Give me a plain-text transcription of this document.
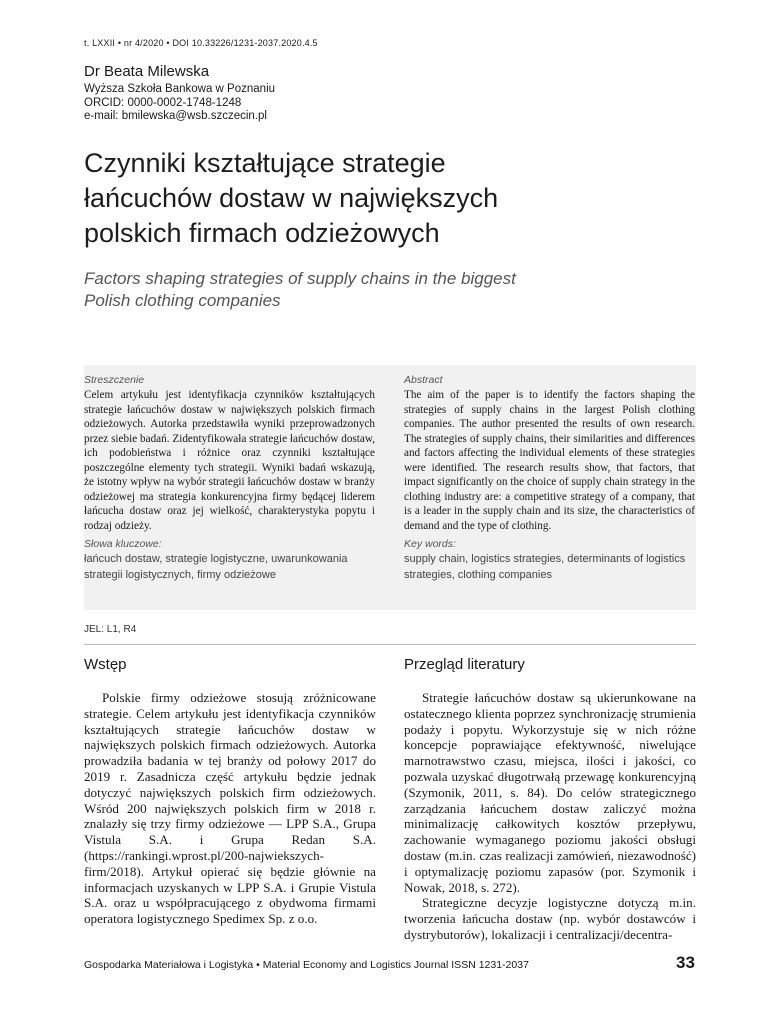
t. LXXII • nr 4/2020 • DOI 10.33226/1231-2037.2020.4.5
Dr Beata Milewska
Wyższa Szkoła Bankowa w Poznaniu
ORCID: 0000-0002-1748-1248
e-mail: bmilewska@wsb.szczecin.pl
Czynniki kształtujące strategie
łańcuchów dostaw w największych
polskich firmach odzieżowych
Factors shaping strategies of supply chains in the biggest
Polish clothing companies
Streszczenie
Celem artykułu jest identyfikacja czynników kształtujących strategie łańcuchów dostaw w największych polskich firmach odzieżowych. Autorka przedstawiła wyniki przeprowadzonych przez siebie badań. Zidentyfikowała strategie łańcuchów dostaw, ich podobieństwa i różnice oraz czynniki kształtujące poszczególne elementy tych strategii. Wyniki badań wskazują, że istotny wpływ na wybór strategii łańcuchów dostaw w branży odzieżowej ma strategia konkurencyjna firmy będącej liderem łańcucha dostaw oraz jej wielkość, charakterystyka popytu i rodzaj odzieży.
Słowa kluczowe:
łańcuch dostaw, strategie logistyczne, uwarunkowania strategii logistycznych, firmy odzieżowe
Abstract
The aim of the paper is to identify the factors shaping the strategies of supply chains in the largest Polish clothing companies. The author presented the results of own research. The strategies of supply chains, their similarities and differences and factors affecting the individual elements of these strategies were identified. The research results show, that factors, that impact significantly on the choice of supply chain strategy in the clothing industry are: a competitive strategy of a company, that is a leader in the supply chain and its size, the characteristics of demand and the type of clothing.
Key words:
supply chain, logistics strategies, determinants of logistics strategies, clothing companies
JEL: L1, R4
Wstęp	Przegląd literatury

Polskie firmy odzieżowe stosują zróżnicowane strategie. Celem artykułu jest identyfikacja czynników kształtujących strategie łańcuchów dostaw w największych polskich firmach odzieżowych. Autorka prowadziła badania w tej branży od połowy 2017 do 2019 r. Zasadnicza część artykułu będzie jednak dotyczyć największych polskich firm odzieżowych. Wśród 200 największych polskich firm w 2018 r. znalazły się trzy firmy odzieżowe — LPP S.A., Grupa Vistula S.A. i Grupa Redan S.A. (https://rankingi.wprost.pl/200-najwiekszych-firm/2018). Artykuł opierać się będzie głównie na informacjach uzyskanych w LPP S.A. i Grupie Vistula S.A. oraz u współpracującego z obydwoma firmami operatora logistycznego Spedimex Sp. z o.o.

Strategie łańcuchów dostaw są ukierunkowane na ostatecznego klienta poprzez synchronizację strumienia podaży i popytu. Wykorzystuje się w nich różne koncepcje poprawiające efektywność, niwelujące marnotrawstwo czasu, miejsca, ilości i jakości, co pozwala uzyskać długotrwałą przewagę konkurencyjną (Szymonik, 2011, s. 84). Do celów strategicznego zarządzania łańcuchem dostaw zaliczyć można minimalizację całkowitych kosztów przepływu, zachowanie wymaganego poziomu jakości obsługi dostaw (m.in. czas realizacji zamówień, niezawodność) i optymalizację poziomu zapasów (por. Szymonik i Nowak, 2018, s. 272).

Strategiczne decyzje logistyczne dotyczą m.in. tworzenia łańcucha dostaw (np. wybór dostawców i dystrybutorów), lokalizacji i centralizacji/decentra-

Gospodarka Materiałowa i Logistyka • Material Economy and Logistics Journal ISSN 1231-2037	33
